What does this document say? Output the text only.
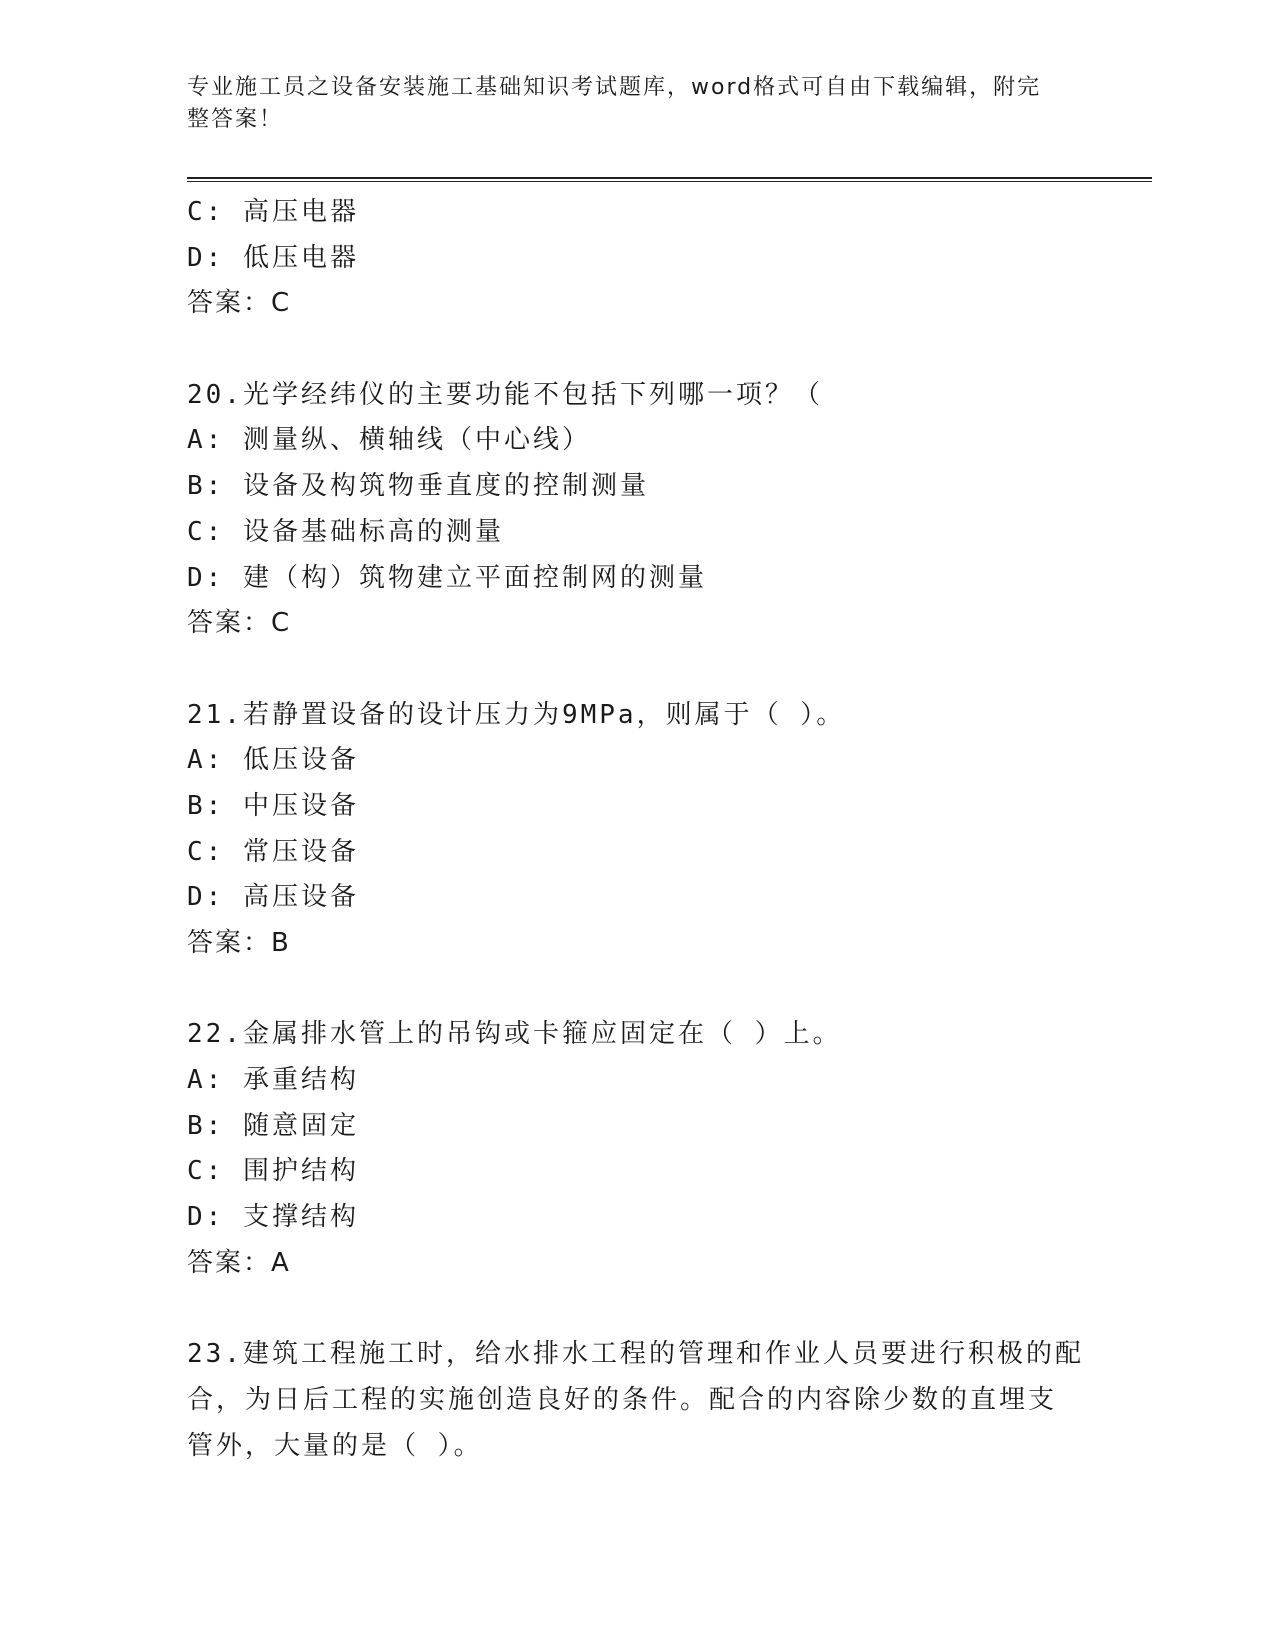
专业施工员之设备安装施工基础知识考试题库，word格式可自由下载编辑，附完
整答案！
C: 高压电器
D: 低压电器
答案：C
20.光学经纬仪的主要功能不包括下列哪一项？（
A: 测量纵、横轴线（中心线）
B: 设备及构筑物垂直度的控制测量
C: 设备基础标高的测量
D: 建（构）筑物建立平面控制网的测量
答案：C
21.若静置设备的设计压力为9MPa，则属于（ ）。
A: 低压设备
B: 中压设备
C: 常压设备
D: 高压设备
答案：B
22.金属排水管上的吊钩或卡箍应固定在（ ）上。
A: 承重结构
B: 随意固定
C: 围护结构
D: 支撑结构
答案：A
23.建筑工程施工时，给水排水工程的管理和作业人员要进行积极的配
合，为日后工程的实施创造良好的条件。配合的内容除少数的直埋支
管外，大量的是（ ）。
